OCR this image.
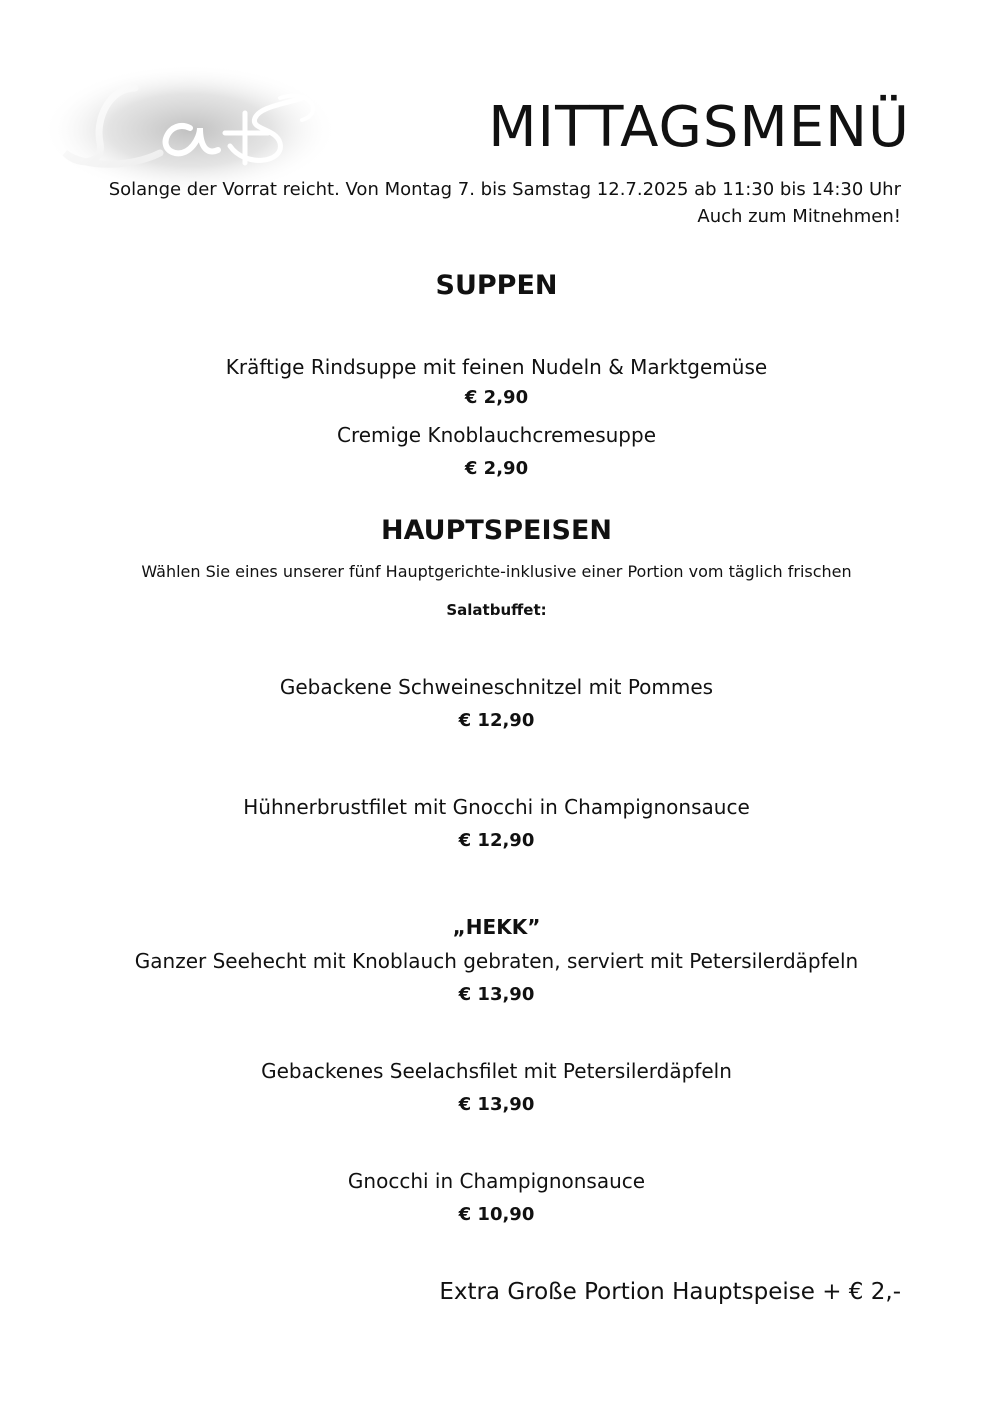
La
MITTAGSMENÜ

Solange der Vorrat reicht. Von Montag 7. bis Samstag 12.7.2025 ab 11:30 bis 14:30 Uhr

Auch zum Mitnehmen!

SUPPEN

Kräftige Rindsuppe mit feinen Nudeln & Marktgemüse

€ 2,90

Cremige Knoblauchcremesuppe

€ 2,90

HAUPTSPEISEN

Wählen Sie eines unserer fünf Hauptgerichte-inklusive einer Portion vom täglich frischen

Salatbuffet:

Gebackene Schweineschnitzel mit Pommes

€ 12,90

Hühnerbrustfilet mit Gnocchi in Champignonsauce

€ 12,90

„HEKK”

Ganzer Seehecht mit Knoblauch gebraten, serviert mit Petersilerdäpfeln

€ 13,90

Gebackenes Seelachsfilet mit Petersilerdäpfeln

€ 13,90

Gnocchi in Champignonsauce

€ 10,90

Extra Große Portion Hauptspeise + € 2,-
